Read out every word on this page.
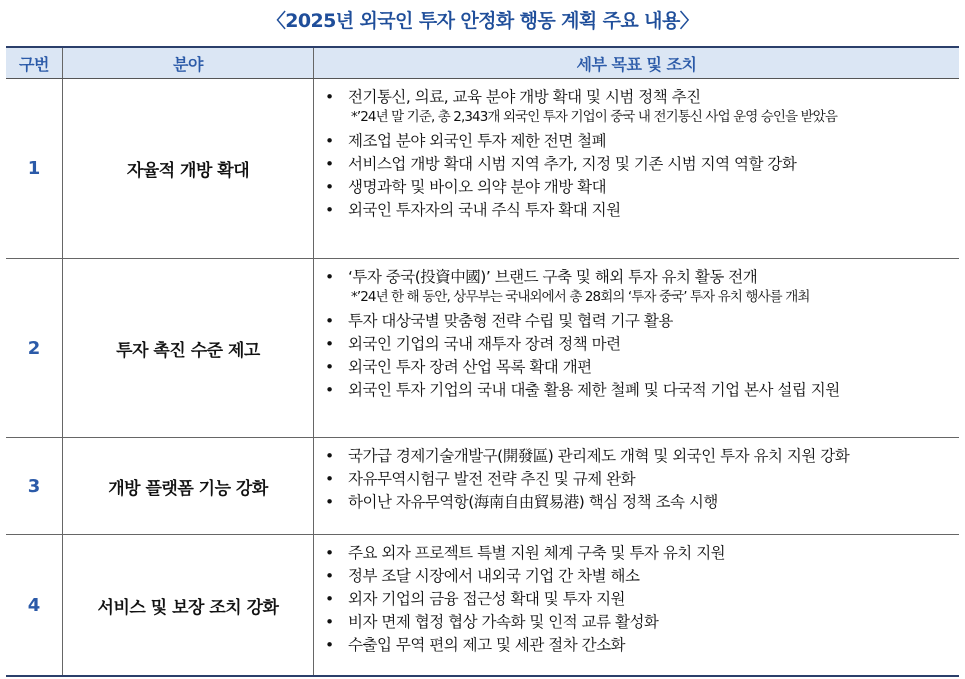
〈2025년 외국인 투자 안정화 행동 계획 주요 내용〉
구번	분야	세부 목표 및 조치
1	자율적 개방 확대
• 전기통신, 의료, 교육 분야 개방 확대 및 시범 정책 추진
*’24년 말 기준, 총 2,343개 외국인 투자 기업이 중국 내 전기통신 사업 운영 승인을 받았음
• 제조업 분야 외국인 투자 제한 전면 철폐
• 서비스업 개방 확대 시범 지역 추가, 지정 및 기존 시범 지역 역할 강화
• 생명과학 및 바이오 의약 분야 개방 확대
• 외국인 투자자의 국내 주식 투자 확대 지원
2	투자 촉진 수준 제고
• ‘투자 중국(投資中國)’ 브랜드 구축 및 해외 투자 유치 활동 전개
*’24년 한 해 동안, 상무부는 국내외에서 총 28회의 ‘투자 중국’ 투자 유치 행사를 개최
• 투자 대상국별 맞춤형 전략 수립 및 협력 기구 활용
• 외국인 기업의 국내 재투자 장려 정책 마련
• 외국인 투자 장려 산업 목록 확대 개편
• 외국인 투자 기업의 국내 대출 활용 제한 철폐 및 다국적 기업 본사 설립 지원
3	개방 플랫폼 기능 강화
• 국가급 경제기술개발구(開發區) 관리제도 개혁 및 외국인 투자 유치 지원 강화
• 자유무역시험구 발전 전략 추진 및 규제 완화
• 하이난 자유무역항(海南自由貿易港) 핵심 정책 조속 시행
4	서비스 및 보장 조치 강화
• 주요 외자 프로젝트 특별 지원 체계 구축 및 투자 유치 지원
• 정부 조달 시장에서 내외국 기업 간 차별 해소
• 외자 기업의 금융 접근성 확대 및 투자 지원
• 비자 면제 협정 협상 가속화 및 인적 교류 활성화
• 수출입 무역 편의 제고 및 세관 절차 간소화
